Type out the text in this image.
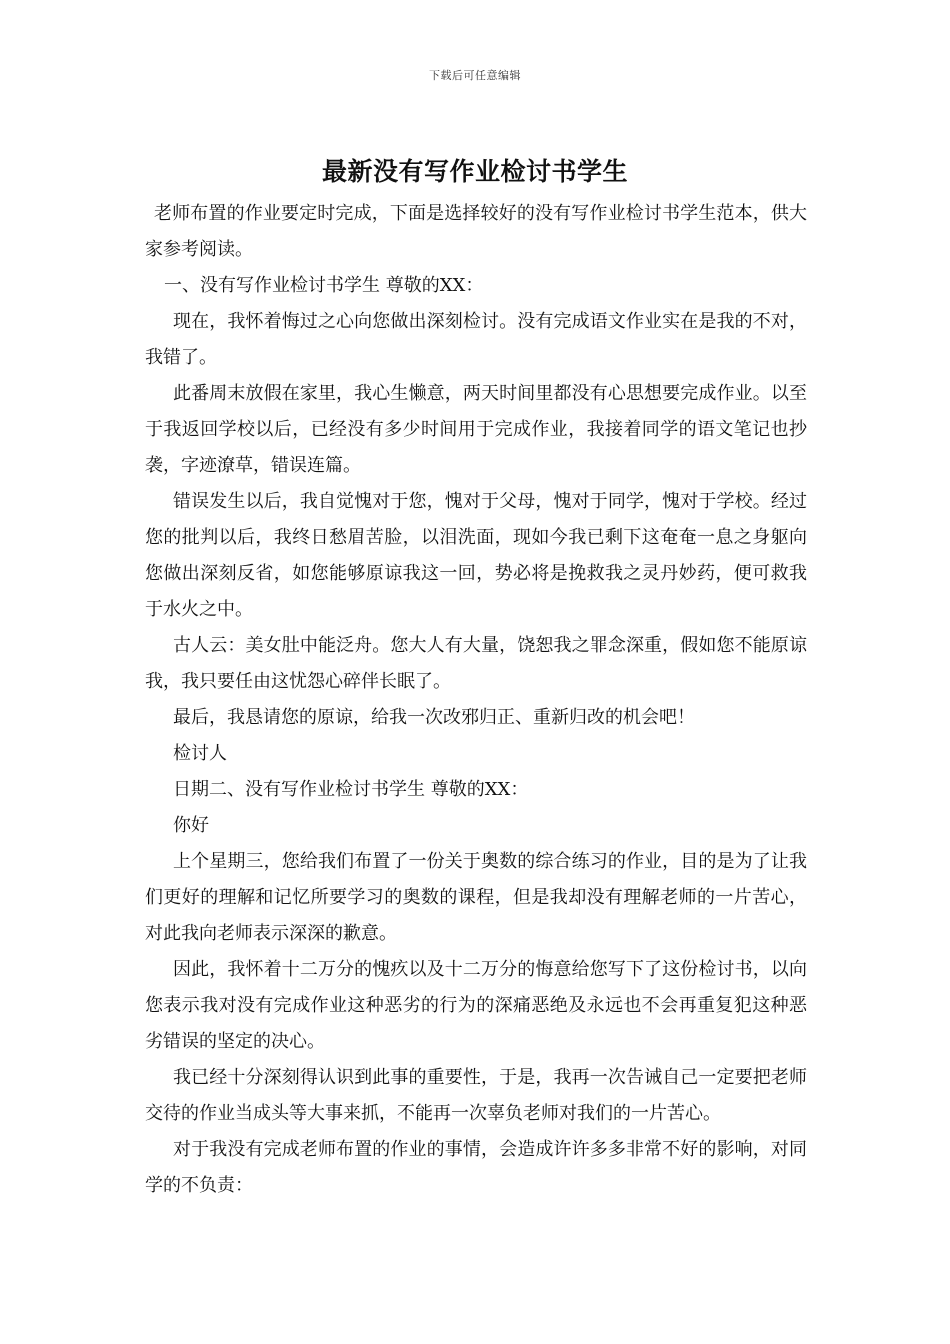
下载后可任意编辑
最新没有写作业检讨书学生

老师布置的作业要定时完成，下面是选择较好的没有写作业检讨书学生范本，供大家参考阅读。

一、没有写作业检讨书学生 尊敬的XX：

现在，我怀着悔过之心向您做出深刻检讨。没有完成语文作业实在是我的不对，我错了。

此番周末放假在家里，我心生懒意，两天时间里都没有心思想要完成作业。以至于我返回学校以后，已经没有多少时间用于完成作业，我接着同学的语文笔记也抄袭，字迹潦草，错误连篇。

错误发生以后，我自觉愧对于您，愧对于父母，愧对于同学，愧对于学校。经过您的批判以后，我终日愁眉苦脸，以泪洗面，现如今我已剩下这奄奄一息之身躯向您做出深刻反省，如您能够原谅我这一回，势必将是挽救我之灵丹妙药，便可救我于水火之中。

古人云：美女肚中能泛舟。您大人有大量，饶恕我之罪念深重，假如您不能原谅我，我只要任由这忧怨心碎伴长眠了。

最后，我恳请您的原谅，给我一次改邪归正、重新归改的机会吧！

检讨人

日期二、没有写作业检讨书学生 尊敬的XX：

你好

上个星期三，您给我们布置了一份关于奥数的综合练习的作业，目的是为了让我们更好的理解和记忆所要学习的奥数的课程，但是我却没有理解老师的一片苦心，对此我向老师表示深深的歉意。

因此，我怀着十二万分的愧疚以及十二万分的悔意给您写下了这份检讨书，以向您表示我对没有完成作业这种恶劣的行为的深痛恶绝及永远也不会再重复犯这种恶劣错误的坚定的决心。

我已经十分深刻得认识到此事的重要性，于是，我再一次告诫自己一定要把老师交待的作业当成头等大事来抓，不能再一次辜负老师对我们的一片苦心。

对于我没有完成老师布置的作业的事情，会造成许许多多非常不好的影响，对同学的不负责：
